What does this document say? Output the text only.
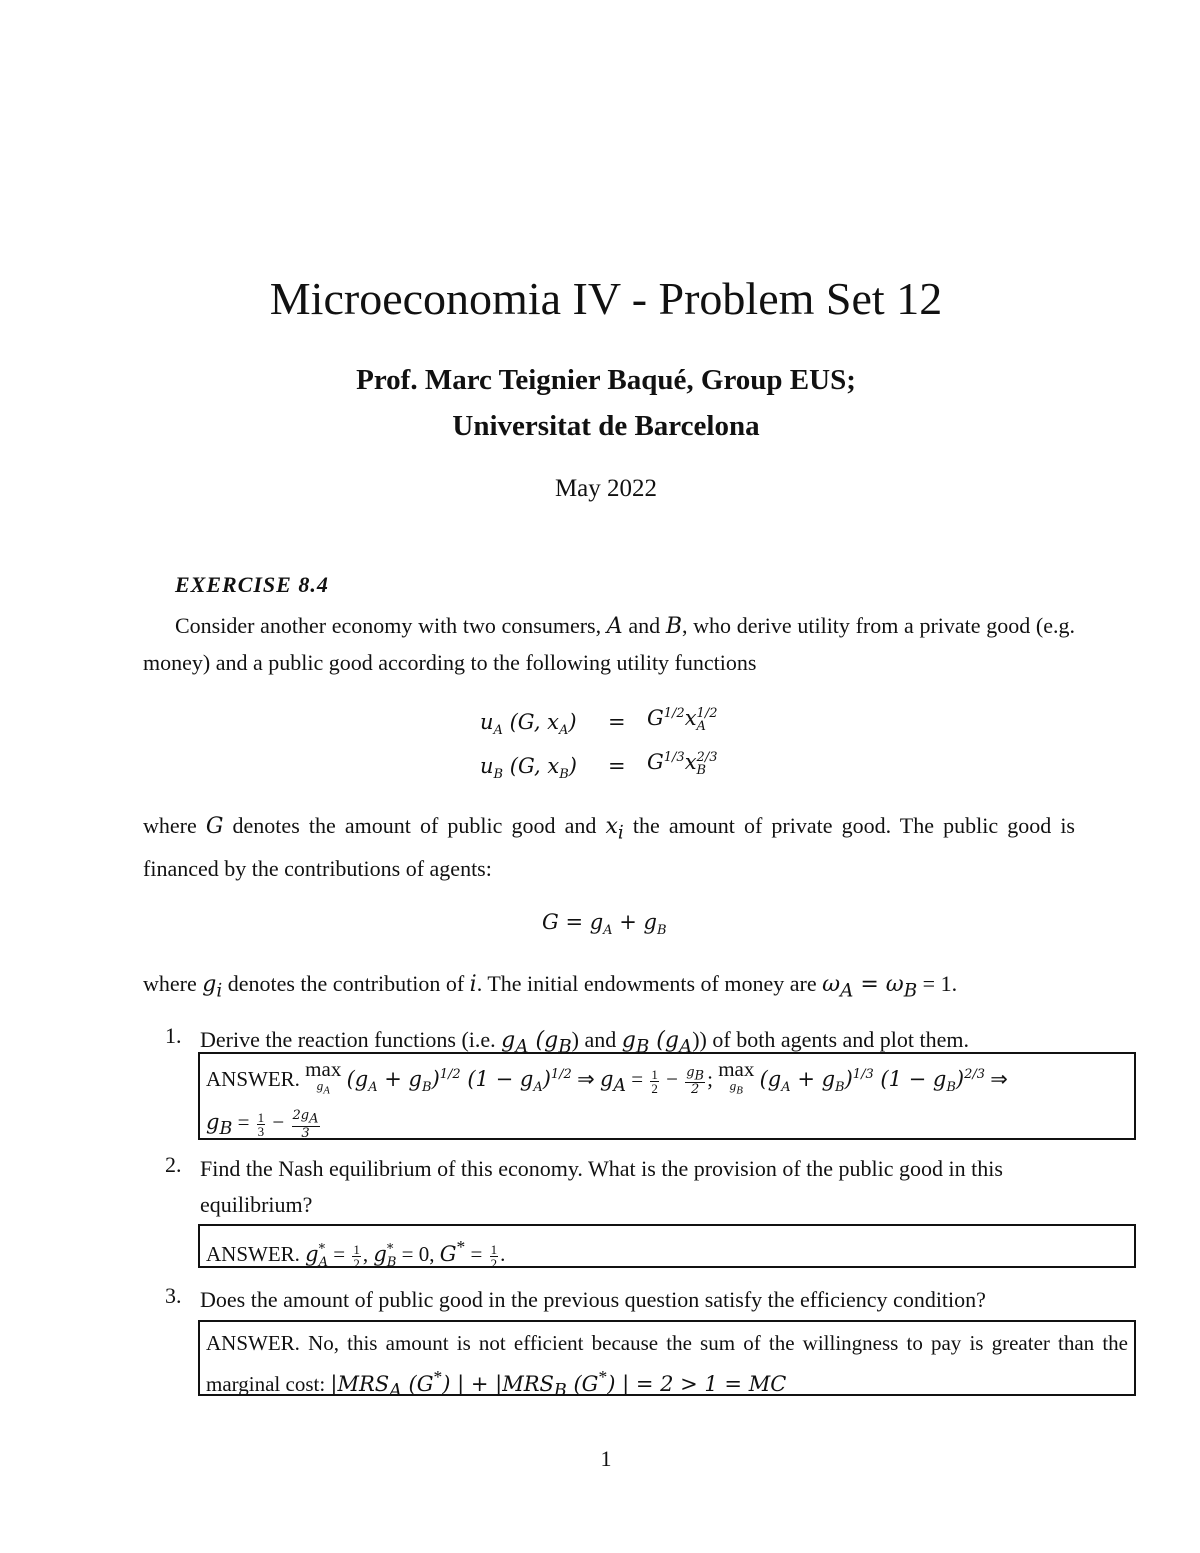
Microeconomia IV - Problem Set 12
Prof. Marc Teignier Baqué, Group EUS;
Universitat de Barcelona
May 2022
EXERCISE 8.4
Consider another economy with two consumers, A and B, who derive utility from a private good (e.g. money) and a public good according to the following utility functions
$u_A$ (G, $x_A) = G^{1/2}x$ 1/2
A
$u_B$ (G, $x_B) = G^{1/3}x$ 2/3
B
where G denotes the amount of public good and $x_i$ the amount of private good. The public good is financed by the contributions of agents:
$G = g_A + g_B$
where $g_i$ denotes the contribution of i. The initial endowments of money are $\omega_A = \omega_B = 1$.
1. Derive the reaction functions (i.e. $g_A$ $(g_B)$ and $g_B$ $(g_A)$) of both agents and plot them.
ANSWER. max
$g_A$ $(g_A + g_B)^{1/2}$ $(1 - g_A)^{1/2}$ ⇒ $g_A = \frac{1}{2} - \frac{g_B}{2}$ ; max
$g_B$ $(g_A + g_B)^{1/3}$ $(1 - g_B)^{2/3}$ ⇒
$g_B = \frac{1}{3} - \frac{2g_A}{3}$
2. Find the Nash equilibrium of this economy. What is the provision of the public good in this equilibrium?
ANSWER. g *
$A = \frac{1}{2}$ , g *
B = 0, $G^* = \frac{1}{2}$ .
3. Does the amount of public good in the previous question satisfy the efficiency condition?
ANSWER. No, this amount is not efficient because the sum of the willingness to pay is greater than the marginal cost: $|MRS_A$ (G*) | + $|MRS_B$ (G*) | = 2 > 1 = MC
1
